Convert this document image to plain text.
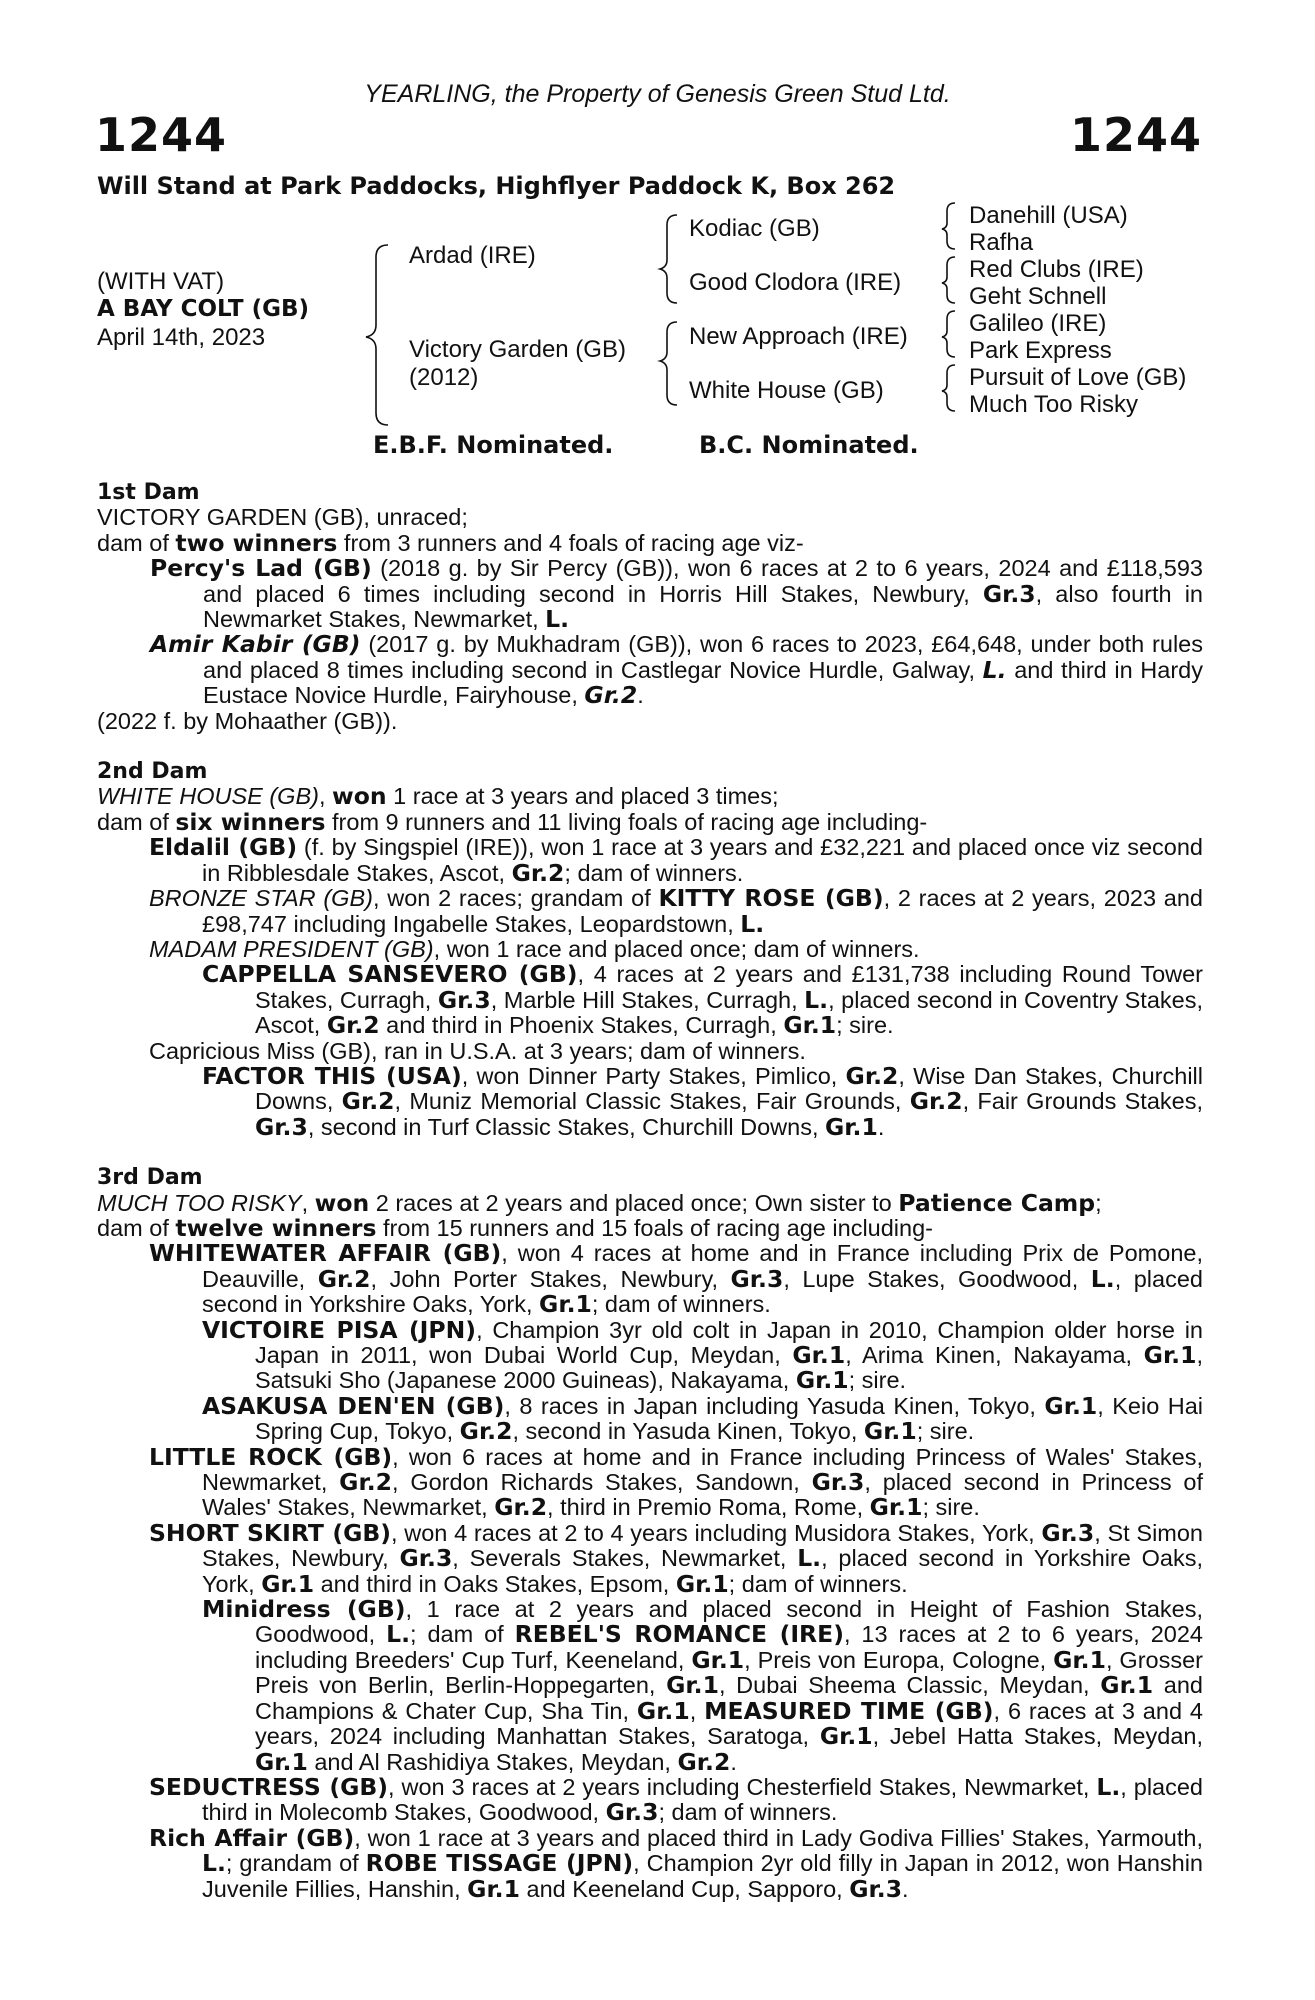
YEARLING, the Property of Genesis Green Stud Ltd.
1244	1244
Will Stand at Park Paddocks, Highflyer Paddock K, Box 262
(WITH VAT)
A BAY COLT (GB)
April 14th, 2023
Ardad (IRE)
Victory Garden (GB)
(2012)
Kodiac (GB)
Good Clodora (IRE)
New Approach (IRE)
White House (GB)
Danehill (USA)
Rafha
Red Clubs (IRE)
Geht Schnell
Galileo (IRE)
Park Express
Pursuit of Love (GB)
Much Too Risky
E.B.F. Nominated.	B.C. Nominated.
1st Dam
VICTORY GARDEN (GB), unraced;
dam of two winners from 3 runners and 4 foals of racing age viz-
Percy's Lad (GB) (2018 g. by Sir Percy (GB)), won 6 races at 2 to 6 years, 2024 and £118,593 and placed 6 times including second in Horris Hill Stakes, Newbury, Gr.3, also fourth in Newmarket Stakes, Newmarket, L.
Amir Kabir (GB) (2017 g. by Mukhadram (GB)), won 6 races to 2023, £64,648, under both rules and placed 8 times including second in Castlegar Novice Hurdle, Galway, L. and third in Hardy Eustace Novice Hurdle, Fairyhouse, Gr.2.
(2022 f. by Mohaather (GB)).
2nd Dam
WHITE HOUSE (GB), won 1 race at 3 years and placed 3 times;
dam of six winners from 9 runners and 11 living foals of racing age including-
Eldalil (GB) (f. by Singspiel (IRE)), won 1 race at 3 years and £32,221 and placed once viz second in Ribblesdale Stakes, Ascot, Gr.2; dam of winners.
BRONZE STAR (GB), won 2 races; grandam of KITTY ROSE (GB), 2 races at 2 years, 2023 and £98,747 including Ingabelle Stakes, Leopardstown, L.
MADAM PRESIDENT (GB), won 1 race and placed once; dam of winners.
CAPPELLA SANSEVERO (GB), 4 races at 2 years and £131,738 including Round Tower Stakes, Curragh, Gr.3, Marble Hill Stakes, Curragh, L., placed second in Coventry Stakes, Ascot, Gr.2 and third in Phoenix Stakes, Curragh, Gr.1; sire.
Capricious Miss (GB), ran in U.S.A. at 3 years; dam of winners.
FACTOR THIS (USA), won Dinner Party Stakes, Pimlico, Gr.2, Wise Dan Stakes, Churchill Downs, Gr.2, Muniz Memorial Classic Stakes, Fair Grounds, Gr.2, Fair Grounds Stakes, Gr.3, second in Turf Classic Stakes, Churchill Downs, Gr.1.
3rd Dam
MUCH TOO RISKY, won 2 races at 2 years and placed once; Own sister to Patience Camp;
dam of twelve winners from 15 runners and 15 foals of racing age including-
WHITEWATER AFFAIR (GB), won 4 races at home and in France including Prix de Pomone, Deauville, Gr.2, John Porter Stakes, Newbury, Gr.3, Lupe Stakes, Goodwood, L., placed second in Yorkshire Oaks, York, Gr.1; dam of winners.
VICTOIRE PISA (JPN), Champion 3yr old colt in Japan in 2010, Champion older horse in Japan in 2011, won Dubai World Cup, Meydan, Gr.1, Arima Kinen, Nakayama, Gr.1, Satsuki Sho (Japanese 2000 Guineas), Nakayama, Gr.1; sire.
ASAKUSA DEN'EN (GB), 8 races in Japan including Yasuda Kinen, Tokyo, Gr.1, Keio Hai Spring Cup, Tokyo, Gr.2, second in Yasuda Kinen, Tokyo, Gr.1; sire.
LITTLE ROCK (GB), won 6 races at home and in France including Princess of Wales' Stakes, Newmarket, Gr.2, Gordon Richards Stakes, Sandown, Gr.3, placed second in Princess of Wales' Stakes, Newmarket, Gr.2, third in Premio Roma, Rome, Gr.1; sire.
SHORT SKIRT (GB), won 4 races at 2 to 4 years including Musidora Stakes, York, Gr.3, St Simon Stakes, Newbury, Gr.3, Severals Stakes, Newmarket, L., placed second in Yorkshire Oaks, York, Gr.1 and third in Oaks Stakes, Epsom, Gr.1; dam of winners.
Minidress (GB), 1 race at 2 years and placed second in Height of Fashion Stakes, Goodwood, L.; dam of REBEL'S ROMANCE (IRE), 13 races at 2 to 6 years, 2024 including Breeders' Cup Turf, Keeneland, Gr.1, Preis von Europa, Cologne, Gr.1, Grosser Preis von Berlin, Berlin-Hoppegarten, Gr.1, Dubai Sheema Classic, Meydan, Gr.1 and Champions & Chater Cup, Sha Tin, Gr.1, MEASURED TIME (GB), 6 races at 3 and 4 years, 2024 including Manhattan Stakes, Saratoga, Gr.1, Jebel Hatta Stakes, Meydan, Gr.1 and Al Rashidiya Stakes, Meydan, Gr.2.
SEDUCTRESS (GB), won 3 races at 2 years including Chesterfield Stakes, Newmarket, L., placed third in Molecomb Stakes, Goodwood, Gr.3; dam of winners.
Rich Affair (GB), won 1 race at 3 years and placed third in Lady Godiva Fillies' Stakes, Yarmouth, L.; grandam of ROBE TISSAGE (JPN), Champion 2yr old filly in Japan in 2012, won Hanshin Juvenile Fillies, Hanshin, Gr.1 and Keeneland Cup, Sapporo, Gr.3.
